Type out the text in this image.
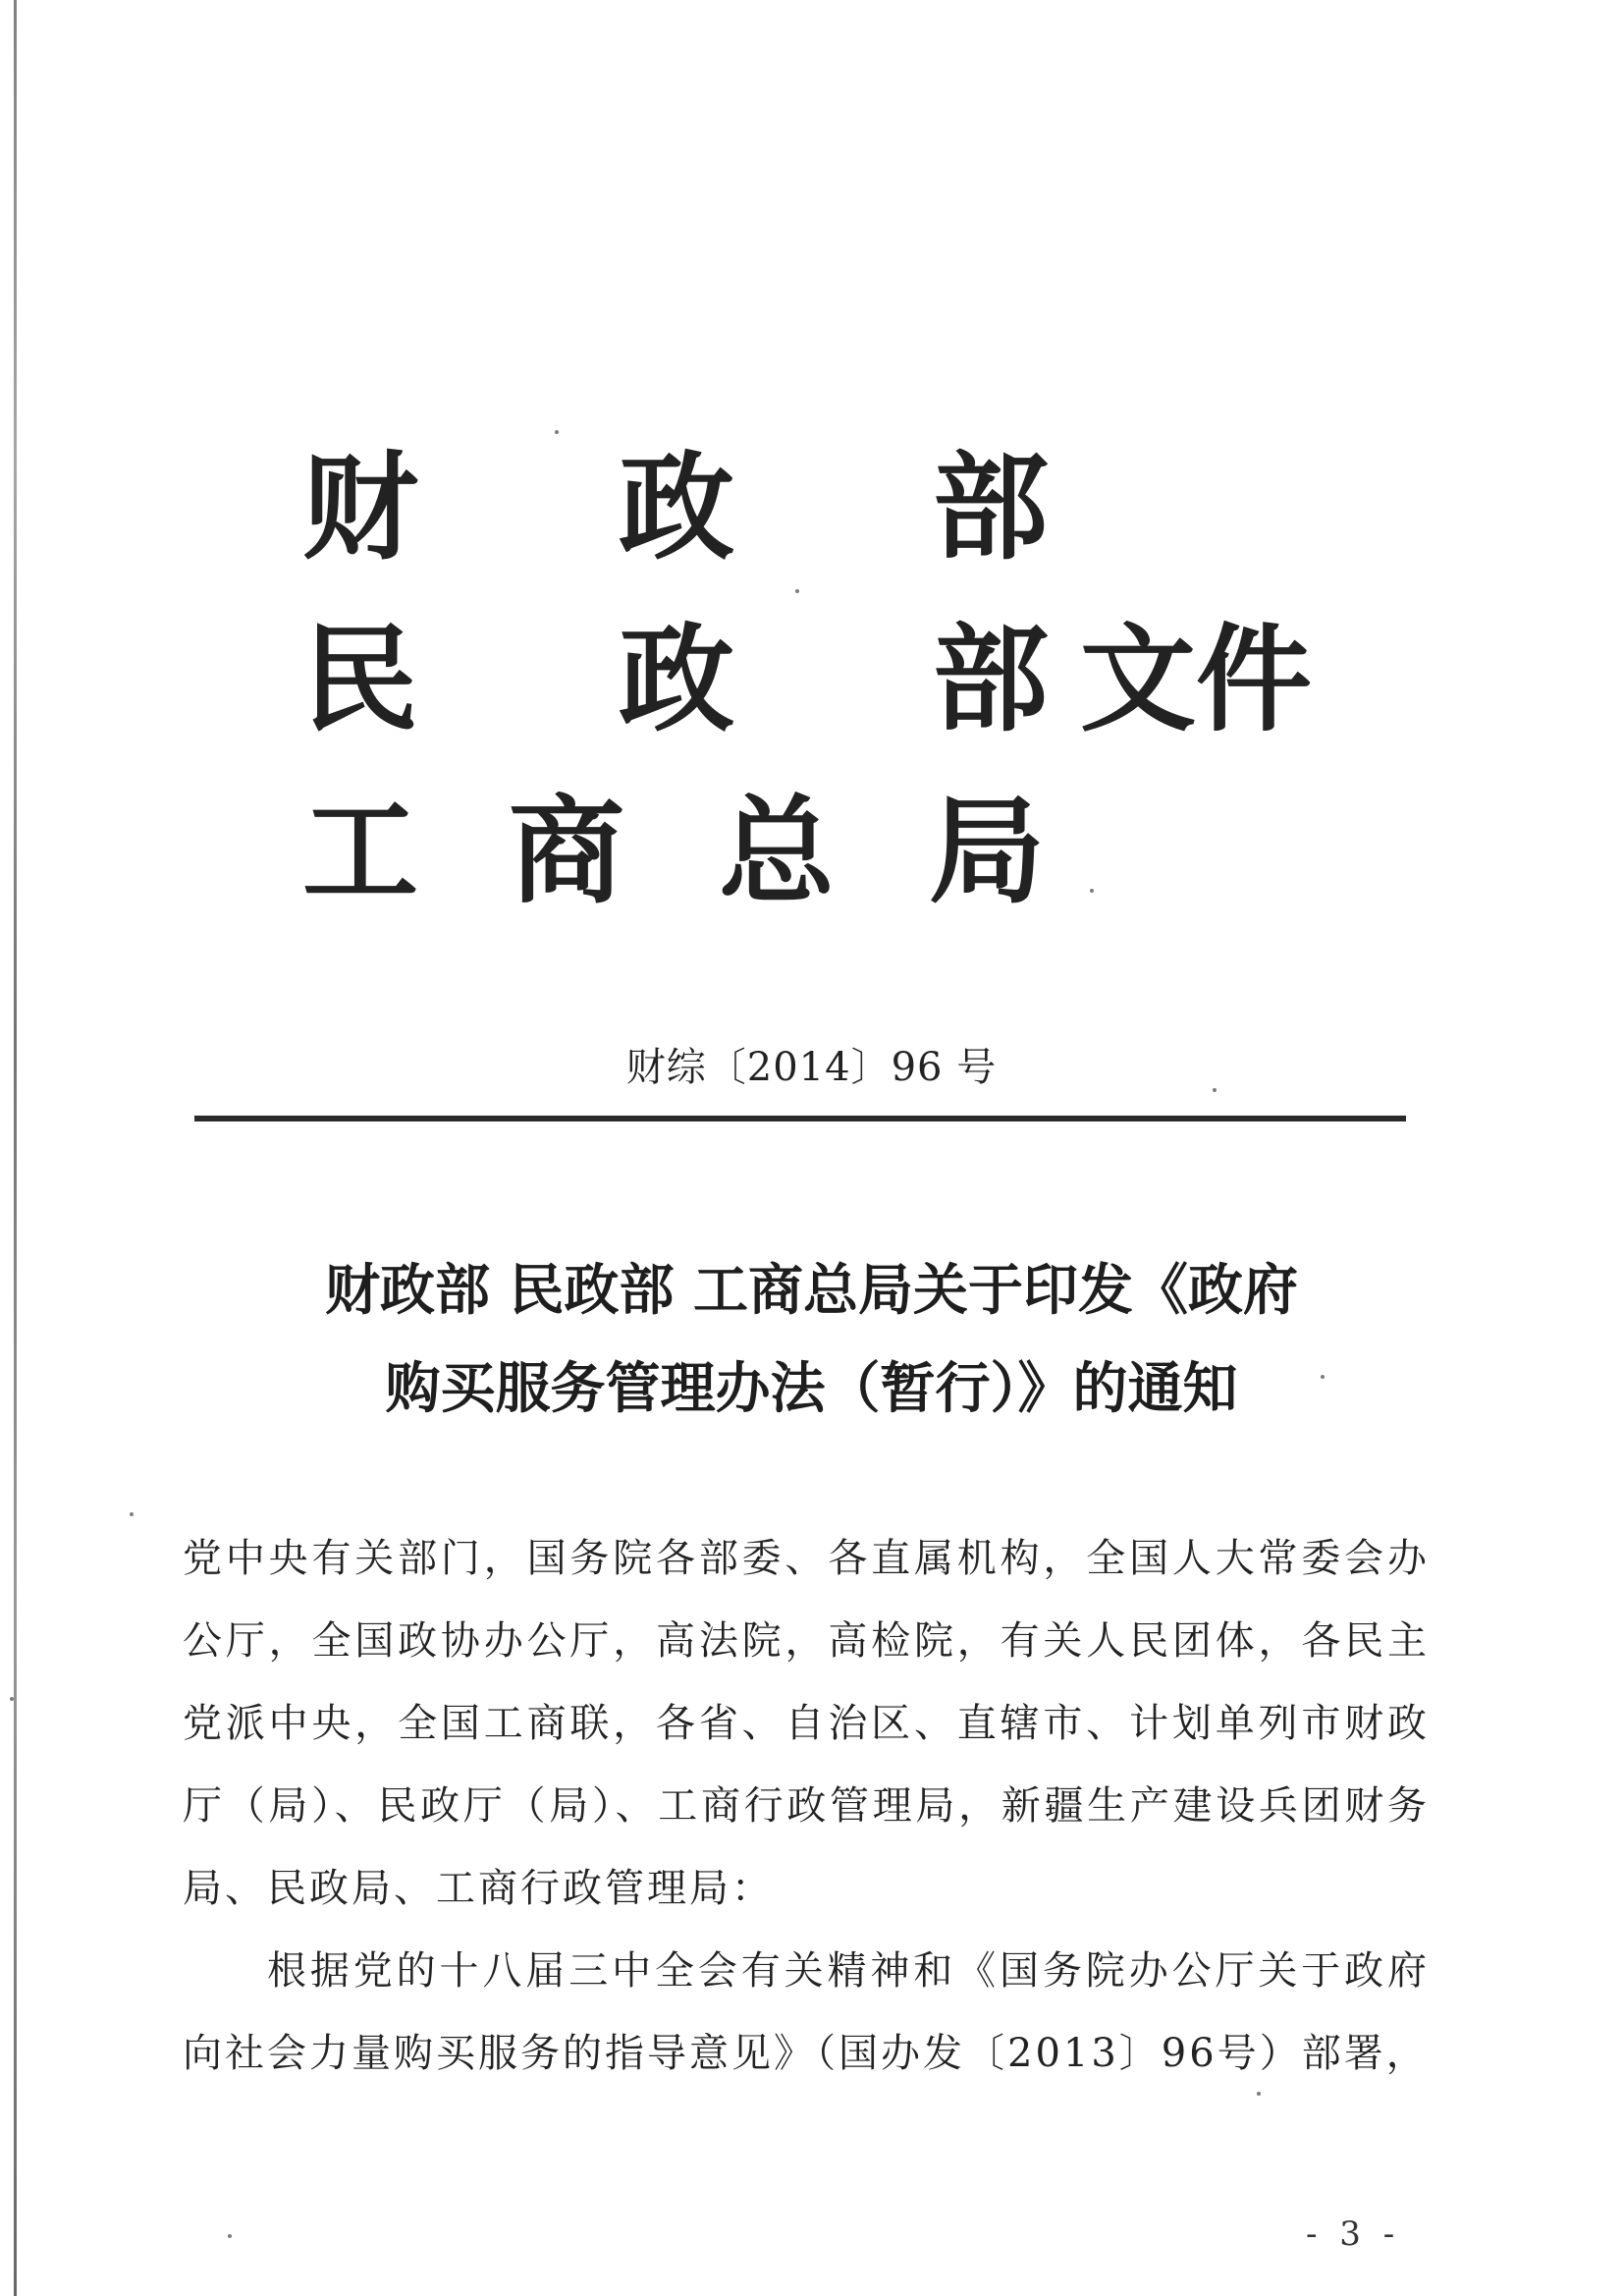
财 政 部
民 政 部 文件
工 商 总 局
财综〔2014〕96 号
财政部 民政部 工商总局关于印发《政府
购买服务管理办法（暂行）》的通知

党中央有关部门，国务院各部委、各直属机构，全国人大常委会办公厅，全国政协办公厅，高法院，高检院，有关人民团体，各民主党派中央，全国工商联，各省、自治区、直辖市、计划单列市财政厅（局）、民政厅（局）、工商行政管理局，新疆生产建设兵团财务局、民政局、工商行政管理局：

根据党的十八届三中全会有关精神和《国务院办公厅关于政府向社会力量购买服务的指导意见》（国办发〔2013〕96号）部署，

- 3 -
